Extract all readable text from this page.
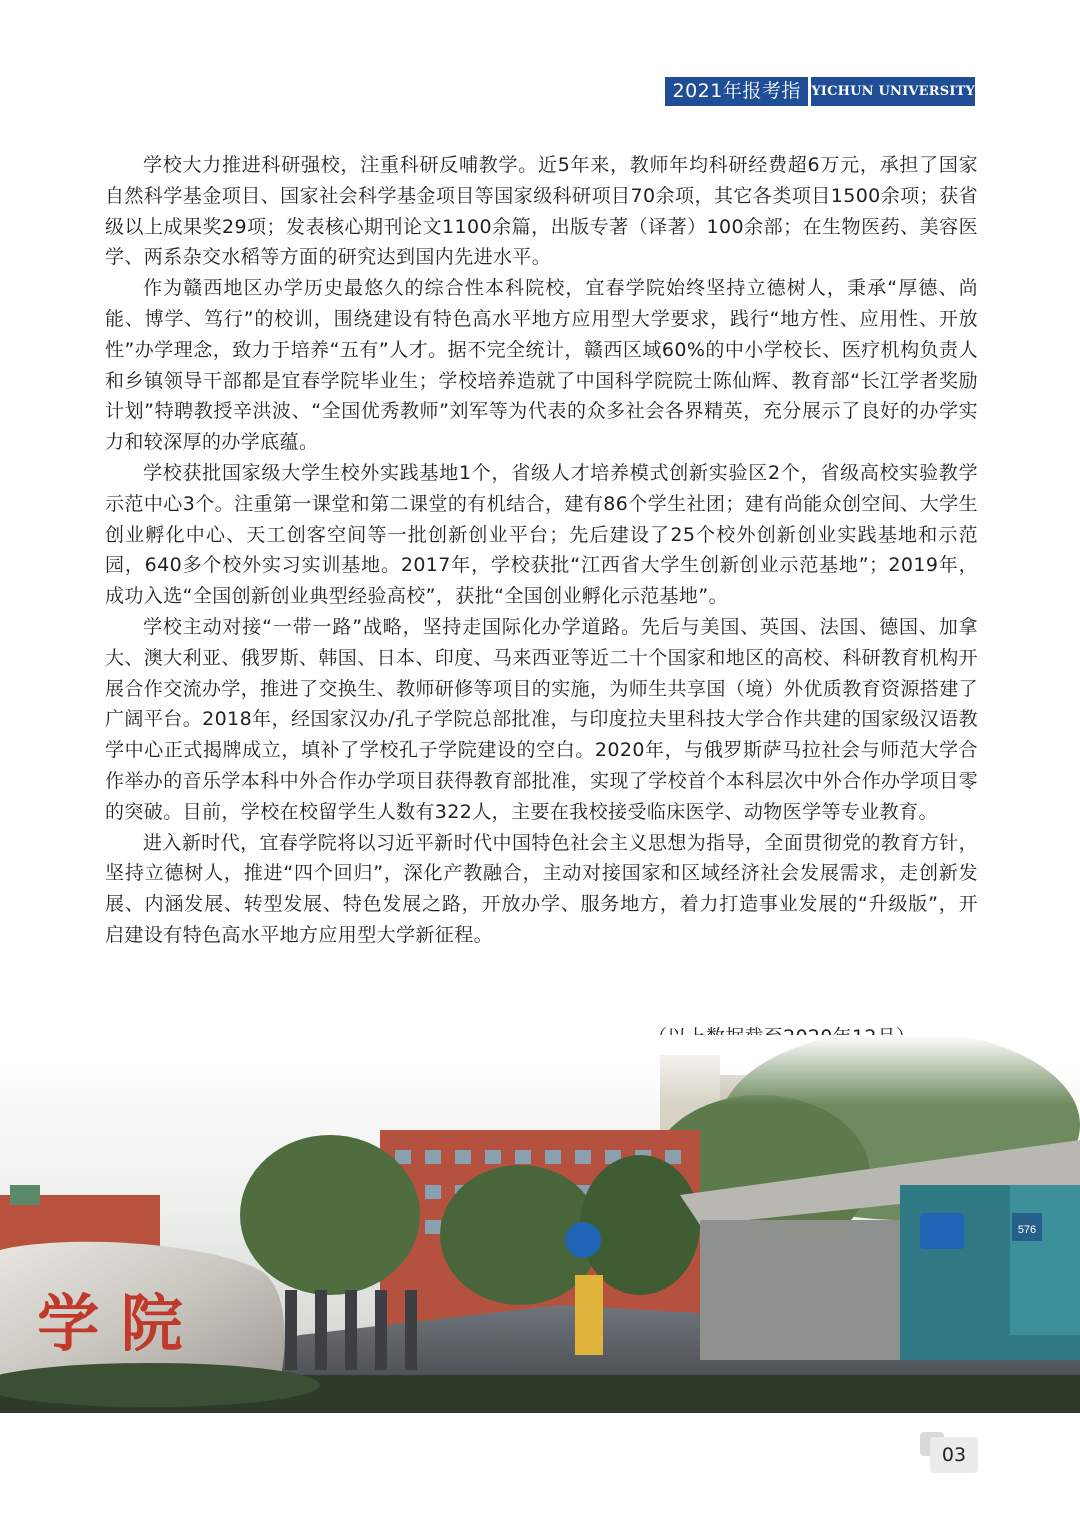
2021年报考指南
YICHUN UNIVERSITY

学校大力推进科研强校，注重科研反哺教学。近5年来，教师年均科研经费超6万元，承担了国家自然科学基金项目、国家社会科学基金项目等国家级科研项目70余项，其它各类项目1500余项；获省级以上成果奖29项；发表核心期刊论文1100余篇，出版专著（译著）100余部；在生物医药、美容医学、两系杂交水稻等方面的研究达到国内先进水平。

作为赣西地区办学历史最悠久的综合性本科院校，宜春学院始终坚持立德树人，秉承“厚德、尚能、博学、笃行”的校训，围绕建设有特色高水平地方应用型大学要求，践行“地方性、应用性、开放性”办学理念，致力于培养“五有”人才。据不完全统计，赣西区域60%的中小学校长、医疗机构负责人和乡镇领导干部都是宜春学院毕业生；学校培养造就了中国科学院院士陈仙辉、教育部“长江学者奖励计划”特聘教授辛洪波、“全国优秀教师”刘军等为代表的众多社会各界精英，充分展示了良好的办学实力和较深厚的办学底蕴。

学校获批国家级大学生校外实践基地1个，省级人才培养模式创新实验区2个，省级高校实验教学示范中心3个。注重第一课堂和第二课堂的有机结合，建有86个学生社团；建有尚能众创空间、大学生创业孵化中心、天工创客空间等一批创新创业平台；先后建设了25个校外创新创业实践基地和示范园，640多个校外实习实训基地。2017年，学校获批“江西省大学生创新创业示范基地”；2019年，成功入选“全国创新创业典型经验高校”，获批“全国创业孵化示范基地”。

学校主动对接“一带一路”战略，坚持走国际化办学道路。先后与美国、英国、法国、德国、加拿大、澳大利亚、俄罗斯、韩国、日本、印度、马来西亚等近二十个国家和地区的高校、科研教育机构开展合作交流办学，推进了交换生、教师研修等项目的实施，为师生共享国（境）外优质教育资源搭建了广阔平台。2018年，经国家汉办/孔子学院总部批准，与印度拉夫里科技大学合作共建的国家级汉语教学中心正式揭牌成立，填补了学校孔子学院建设的空白。2020年，与俄罗斯萨马拉社会与师范大学合作举办的音乐学本科中外合作办学项目获得教育部批准，实现了学校首个本科层次中外合作办学项目零的突破。目前，学校在校留学生人数有322人，主要在我校接受临床医学、动物医学等专业教育。

进入新时代，宜春学院将以习近平新时代中国特色社会主义思想为指导，全面贯彻党的教育方针，坚持立德树人，推进“四个回归”，深化产教融合，主动对接国家和区域经济社会发展需求，走创新发展、内涵发展、转型发展、特色发展之路，开放办学、服务地方，着力打造事业发展的“升级版”，开启建设有特色高水平地方应用型大学新征程。

576
学 院
03
